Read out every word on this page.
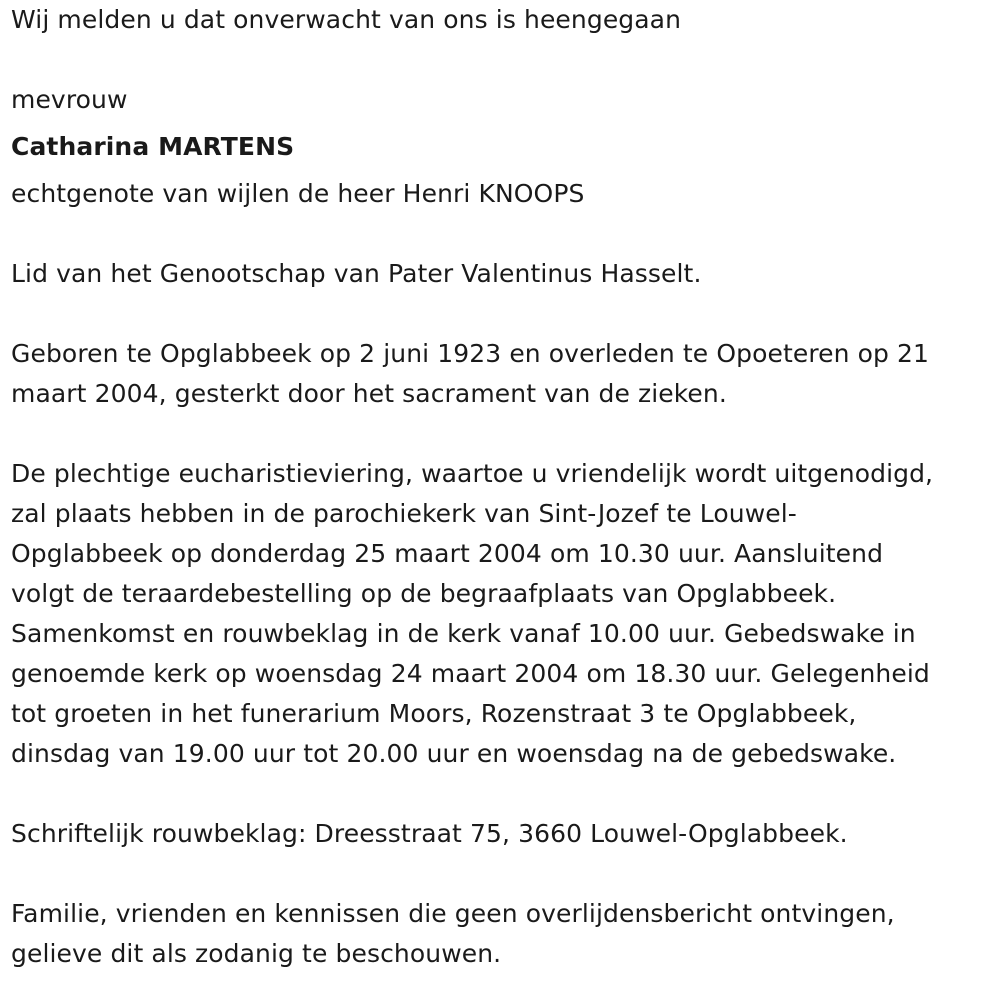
Wij melden u dat onverwacht van ons is heengegaan
mevrouw
Catharina MARTENS
echtgenote van wijlen de heer Henri KNOOPS
Lid van het Genootschap van Pater Valentinus Hasselt.
Geboren te Opglabbeek op 2 juni 1923 en overleden te Opoeteren op 21
maart 2004, gesterkt door het sacrament van de zieken.
De plechtige eucharistieviering, waartoe u vriendelijk wordt uitgenodigd,
zal plaats hebben in de parochiekerk van Sint-Jozef te Louwel-
Opglabbeek op donderdag 25 maart 2004 om 10.30 uur. Aansluitend
volgt de teraardebestelling op de begraafplaats van Opglabbeek.
Samenkomst en rouwbeklag in de kerk vanaf 10.00 uur. Gebedswake in
genoemde kerk op woensdag 24 maart 2004 om 18.30 uur. Gelegenheid
tot groeten in het funerarium Moors, Rozenstraat 3 te Opglabbeek,
dinsdag van 19.00 uur tot 20.00 uur en woensdag na de gebedswake.
Schriftelijk rouwbeklag: Dreesstraat 75, 3660 Louwel-Opglabbeek.
Familie, vrienden en kennissen die geen overlijdensbericht ontvingen,
gelieve dit als zodanig te beschouwen.
